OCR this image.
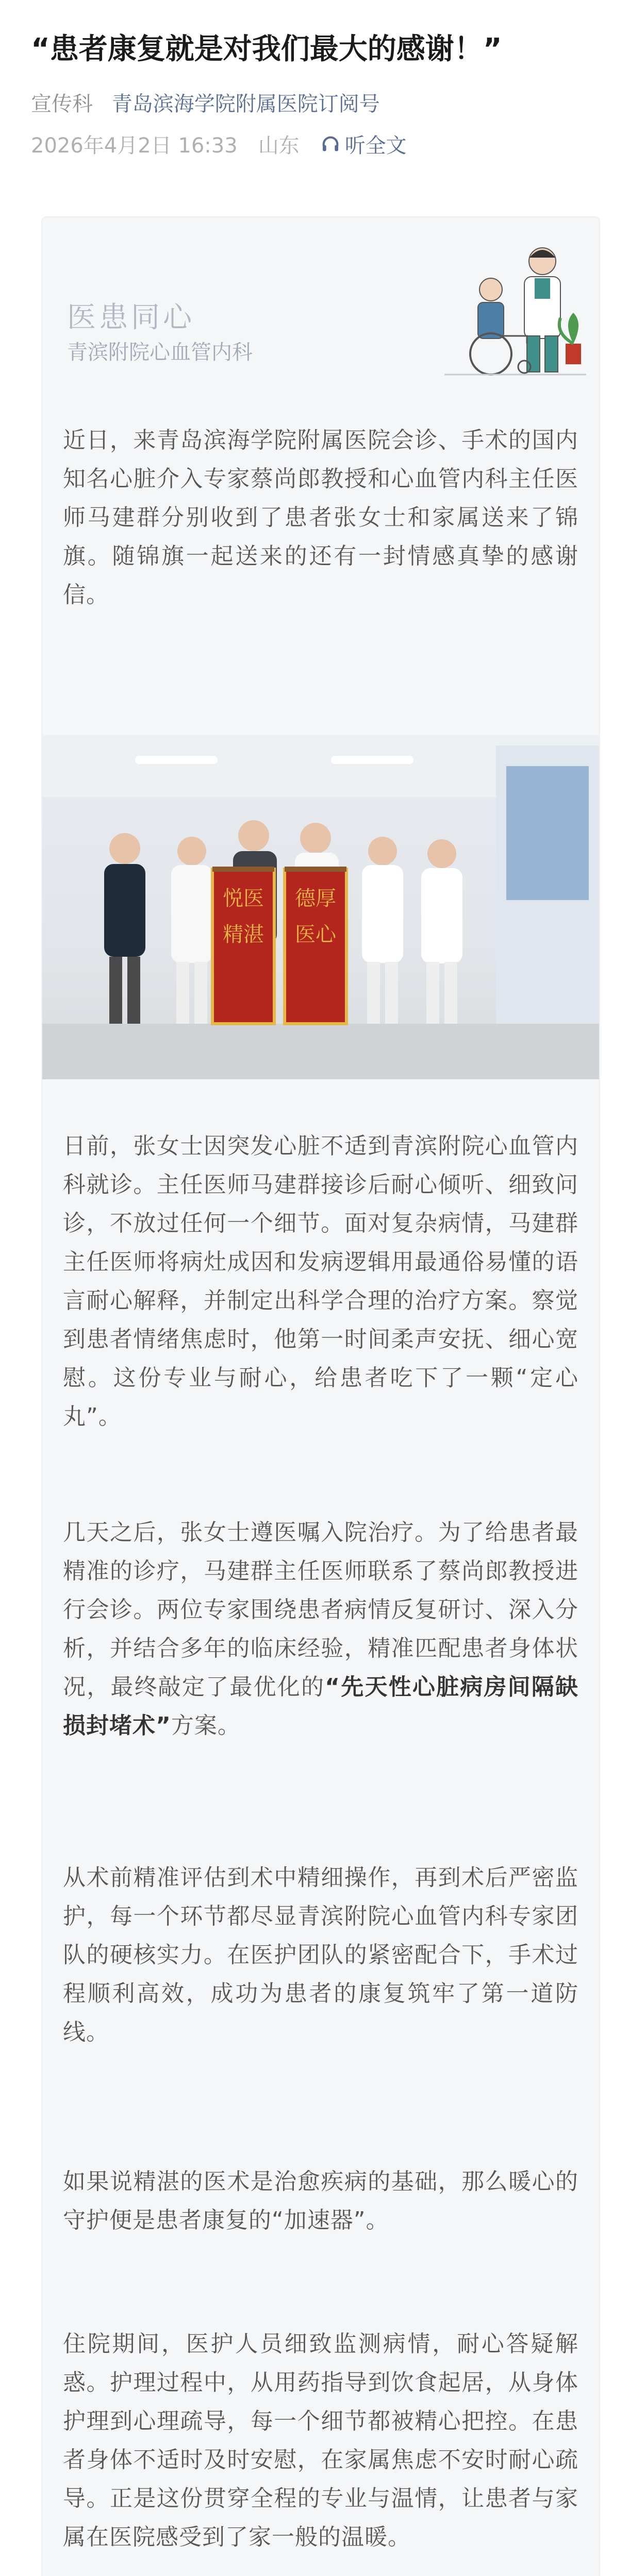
“患者康复就是对我们最大的感谢！”
宣传科 青岛滨海学院附属医院订阅号
2026年4月2日 16:33 山东 听全文
医患同心
青滨附院心血管内科
近日，来青岛滨海学院附属医院会诊、手术的国内知名心脏介入专家蔡尚郎教授和心血管内科主任医师马建群分别收到了患者张女士和家属送来了锦旗。随锦旗一起送来的还有一封情感真挚的感谢信。
悦医
精湛
德厚
医心
日前，张女士因突发心脏不适到青滨附院心血管内科就诊。主任医师马建群接诊后耐心倾听、细致问诊，不放过任何一个细节。面对复杂病情，马建群主任医师将病灶成因和发病逻辑用最通俗易懂的语言耐心解释，并制定出科学合理的治疗方案。察觉到患者情绪焦虑时，他第一时间柔声安抚、细心宽慰。这份专业与耐心，给患者吃下了一颗“定心丸”。
几天之后，张女士遵医嘱入院治疗。为了给患者最精准的诊疗，马建群主任医师联系了蔡尚郎教授进行会诊。两位专家围绕患者病情反复研讨、深入分析，并结合多年的临床经验，精准匹配患者身体状况，最终敲定了最优化的“先天性心脏病房间隔缺损封堵术”方案。
从术前精准评估到术中精细操作，再到术后严密监护，每一个环节都尽显青滨附院心血管内科专家团队的硬核实力。在医护团队的紧密配合下，手术过程顺利高效，成功为患者的康复筑牢了第一道防线。
如果说精湛的医术是治愈疾病的基础，那么暖心的守护便是患者康复的“加速器”。
住院期间，医护人员细致监测病情，耐心答疑解惑。护理过程中，从用药指导到饮食起居，从身体护理到心理疏导，每一个细节都被精心把控。在患者身体不适时及时安慰，在家属焦虑不安时耐心疏导。正是这份贯穿全程的专业与温情，让患者与家属在医院感受到了家一般的温暖。
